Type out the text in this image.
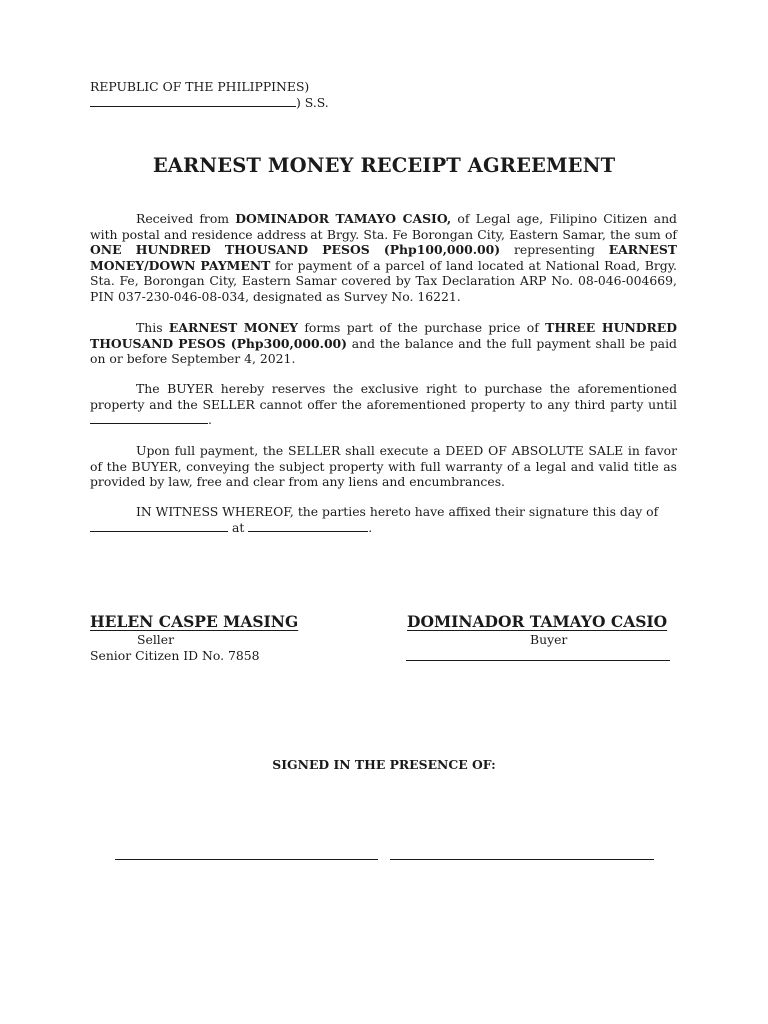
REPUBLIC OF THE PHILIPPINES)
) S.S.
EARNEST MONEY RECEIPT AGREEMENT
Received from DOMINADOR TAMAYO CASIO, of Legal age, Filipino Citizen and with postal and residence address at Brgy. Sta. Fe Borongan City, Eastern Samar, the sum of ONE HUNDRED THOUSAND PESOS (Php100,000.00) representing EARNEST MONEY/DOWN PAYMENT for payment of a parcel of land located at National Road, Brgy. Sta. Fe, Borongan City, Eastern Samar covered by Tax Declaration ARP No. 08-046-004669, PIN 037-230-046-08-034, designated as Survey No. 16221.
This EARNEST MONEY forms part of the purchase price of THREE HUNDRED THOUSAND PESOS (Php300,000.00) and the balance and the full payment shall be paid on or before September 4, 2021.
The BUYER hereby reserves the exclusive right to purchase the aforementioned property and the SELLER cannot offer the aforementioned property to any third party until .
Upon full payment, the SELLER shall execute a DEED OF ABSOLUTE SALE in favor of the BUYER, conveying the subject property with full warranty of a legal and valid title as provided by law, free and clear from any liens and encumbrances.
IN WITNESS WHEREOF, the parties hereto have affixed their signature this day of
at	.
HELEN CASPE MASING
Seller
Senior Citizen ID No. 7858
DOMINADOR TAMAYO CASIO
Buyer
SIGNED IN THE PRESENCE OF:
